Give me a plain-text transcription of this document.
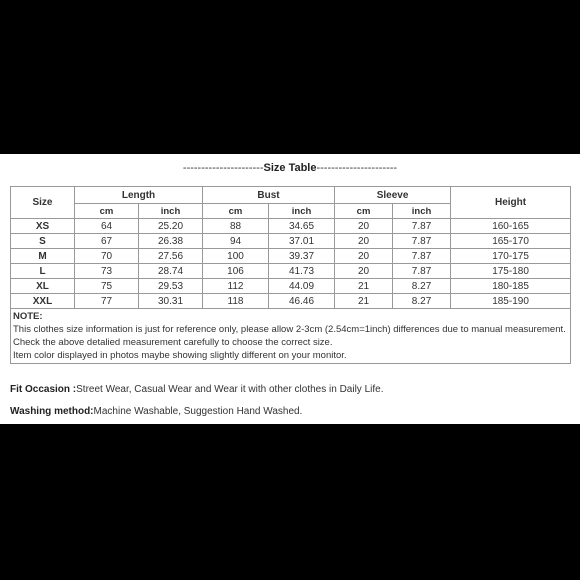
----------------------Size Table----------------------
Size	Length		Bust		Sleeve		Height
	cm	inch	cm	inch	cm	inch	
XS	64	25.20	88	34.65	20	7.87	160-165
S	67	26.38	94	37.01	20	7.87	165-170
M	70	27.56	100	39.37	20	7.87	170-175
L	73	28.74	106	41.73	20	7.87	175-180
XL	75	29.53	112	44.09	21	8.27	180-185
XXL	77	30.31	118	46.46	21	8.27	185-190

NOTE:
This clothes size information is just for reference only, please allow 2-3cm (2.54cm=1inch) differences due to manual measurement.
Check the above detalied measurement carefully to choose the correct size.
Item color displayed in photos maybe showing slightly different on your monitor.							
Fit Occasion :Street Wear, Casual Wear and Wear it with other clothes in Daily Life.
Washing method:Machine Washable, Suggestion Hand Washed.
